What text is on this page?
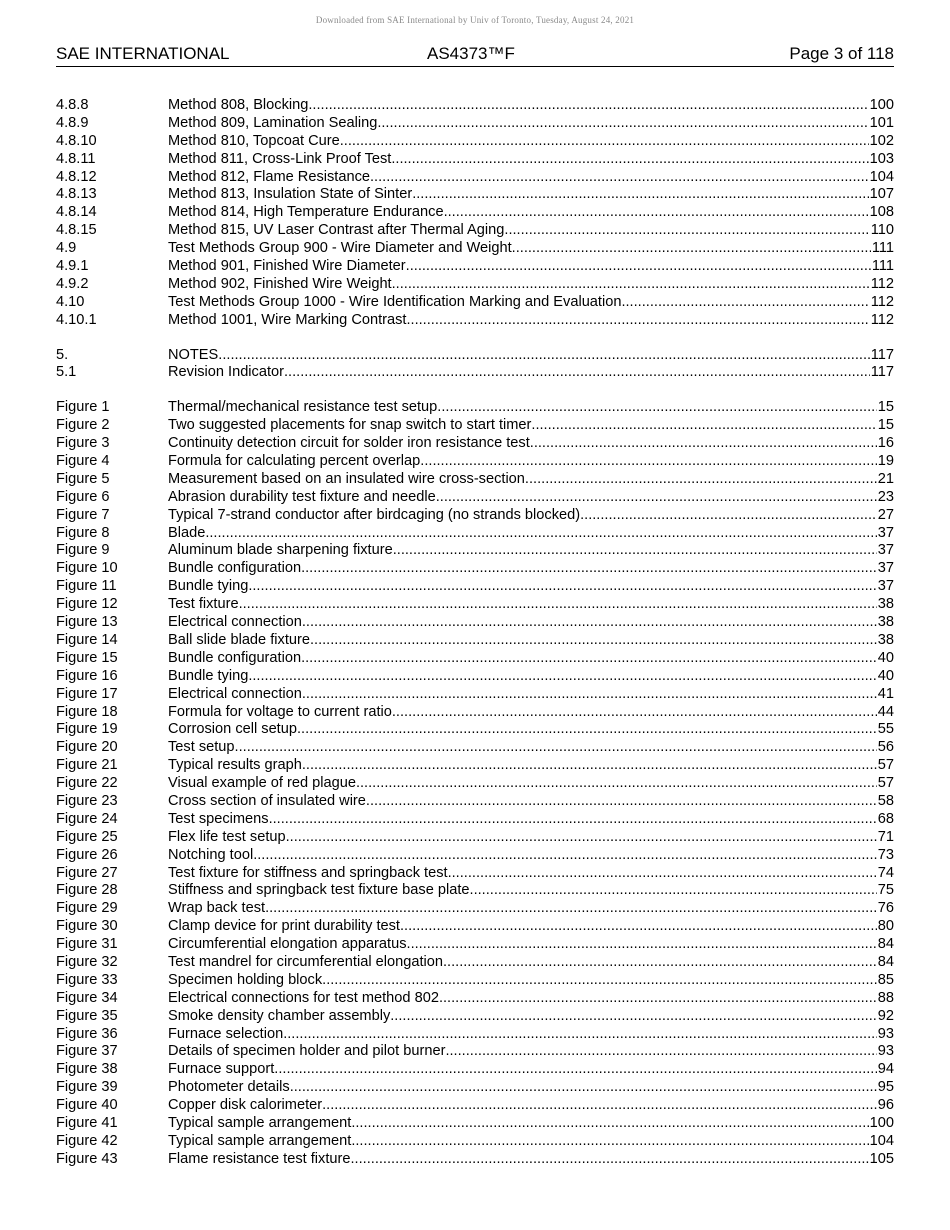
Downloaded from SAE International by Univ of Toronto, Tuesday, August 24, 2021
SAE INTERNATIONAL	AS4373™F	Page 3 of 118
4.8.8	Method 808, Blocking .....	100
4.8.9	Method 809, Lamination Sealing .....	101
4.8.10	Method 810, Topcoat Cure .....	102
4.8.11	Method 811, Cross-Link Proof Test .....	103
4.8.12	Method 812, Flame Resistance .....	104
4.8.13	Method 813, Insulation State of Sinter .....	107
4.8.14	Method 814, High Temperature Endurance .....	108
4.8.15	Method 815, UV Laser Contrast after Thermal Aging .....	110
4.9	Test Methods Group 900 - Wire Diameter and Weight .....	111
4.9.1	Method 901, Finished Wire Diameter .....	111
4.9.2	Method 902, Finished Wire Weight .....	112
4.10	Test Methods Group 1000 - Wire Identification Marking and Evaluation .....	112
4.10.1	Method 1001, Wire Marking Contrast .....	112
5.	NOTES .....	117
5.1	Revision Indicator .....	117
Figure 1	Thermal/mechanical resistance test setup .....	15
Figure 2	Two suggested placements for snap switch to start timer .....	15
Figure 3	Continuity detection circuit for solder iron resistance test .....	16
Figure 4	Formula for calculating percent overlap .....	19
Figure 5	Measurement based on an insulated wire cross-section .....	21
Figure 6	Abrasion durability test fixture and needle .....	23
Figure 7	Typical 7-strand conductor after birdcaging (no strands blocked) .....	27
Figure 8	Blade .....	37
Figure 9	Aluminum blade sharpening fixture .....	37
Figure 10	Bundle configuration .....	37
Figure 11	Bundle tying .....	37
Figure 12	Test fixture .....	38
Figure 13	Electrical connection .....	38
Figure 14	Ball slide blade fixture .....	38
Figure 15	Bundle configuration .....	40
Figure 16	Bundle tying .....	40
Figure 17	Electrical connection .....	41
Figure 18	Formula for voltage to current ratio .....	44
Figure 19	Corrosion cell setup .....	55
Figure 20	Test setup .....	56
Figure 21	Typical results graph .....	57
Figure 22	Visual example of red plague .....	57
Figure 23	Cross section of insulated wire .....	58
Figure 24	Test specimens .....	68
Figure 25	Flex life test setup .....	71
Figure 26	Notching tool .....	73
Figure 27	Test fixture for stiffness and springback test .....	74
Figure 28	Stiffness and springback test fixture base plate .....	75
Figure 29	Wrap back test .....	76
Figure 30	Clamp device for print durability test .....	80
Figure 31	Circumferential elongation apparatus .....	84
Figure 32	Test mandrel for circumferential elongation .....	84
Figure 33	Specimen holding block .....	85
Figure 34	Electrical connections for test method 802 .....	88
Figure 35	Smoke density chamber assembly .....	92
Figure 36	Furnace selection .....	93
Figure 37	Details of specimen holder and pilot burner .....	93
Figure 38	Furnace support .....	94
Figure 39	Photometer details .....	95
Figure 40	Copper disk calorimeter .....	96
Figure 41	Typical sample arrangement .....	100
Figure 42	Typical sample arrangement .....	104
Figure 43	Flame resistance test fixture .....	105
